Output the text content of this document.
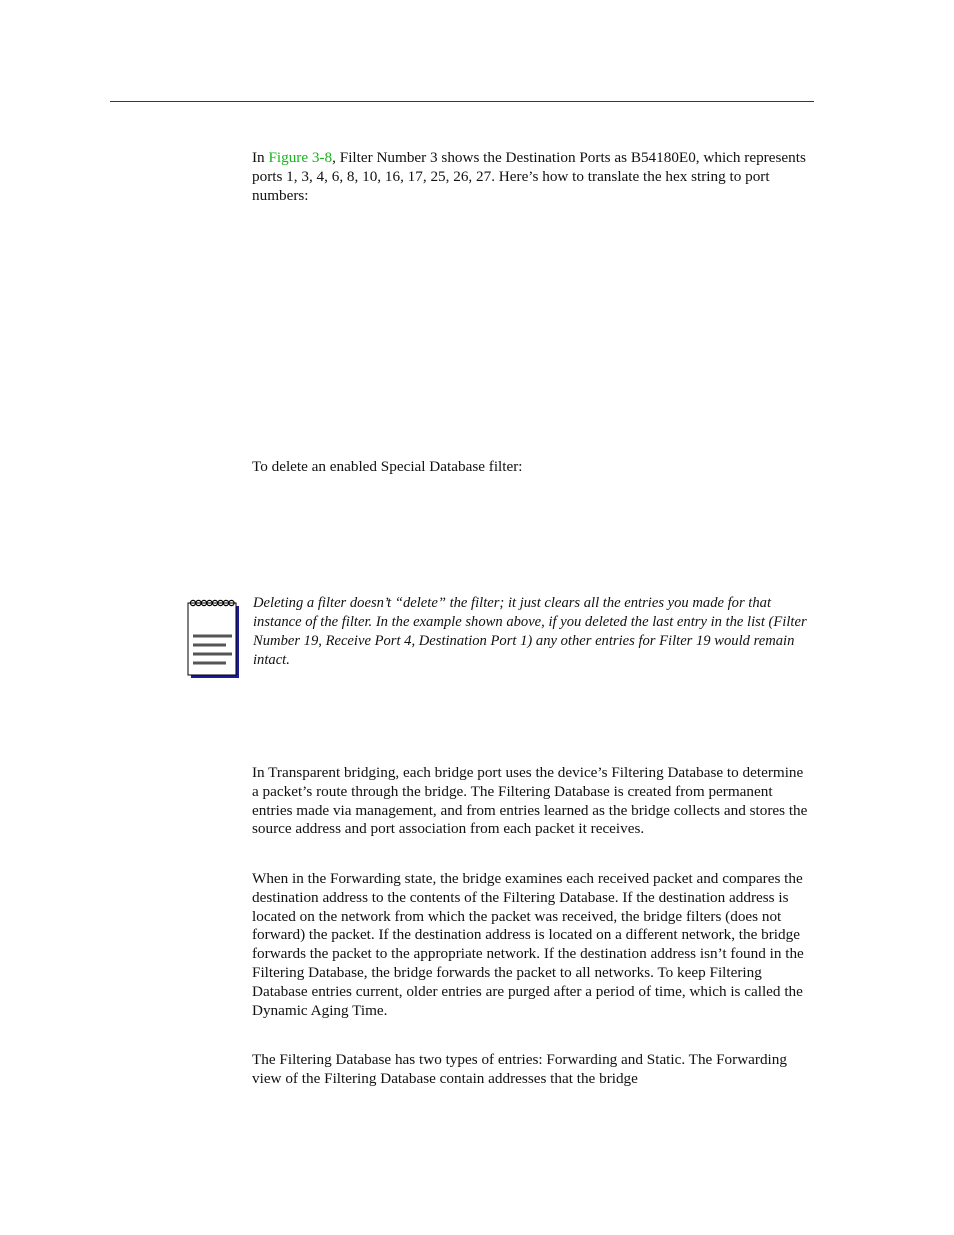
In Figure 3-8, Filter Number 3 shows the Destination Ports as B54180E0, which represents ports 1, 3, 4, 6, 8, 10, 16, 17, 25, 26, 27. Here’s how to translate the hex string to port numbers:

To delete an enabled Special Database filter:

Deleting a filter doesn’t “delete” the filter; it just clears all the entries you made for that instance of the filter. In the example shown above, if you deleted the last entry in the list (Filter Number 19, Receive Port 4, Destination Port 1) any other entries for Filter 19 would remain intact.

In Transparent bridging, each bridge port uses the device’s Filtering Database to determine a packet’s route through the bridge. The Filtering Database is created from permanent entries made via management, and from entries learned as the bridge collects and stores the source address and port association from each packet it receives.

When in the Forwarding state, the bridge examines each received packet and compares the destination address to the contents of the Filtering Database. If the destination address is located on the network from which the packet was received, the bridge filters (does not forward) the packet. If the destination address is located on a different network, the bridge forwards the packet to the appropriate network. If the destination address isn’t found in the Filtering Database, the bridge forwards the packet to all networks. To keep Filtering Database entries current, older entries are purged after a period of time, which is called the Dynamic Aging Time.

The Filtering Database has two types of entries: Forwarding and Static. The Forwarding view of the Filtering Database contain addresses that the bridge
